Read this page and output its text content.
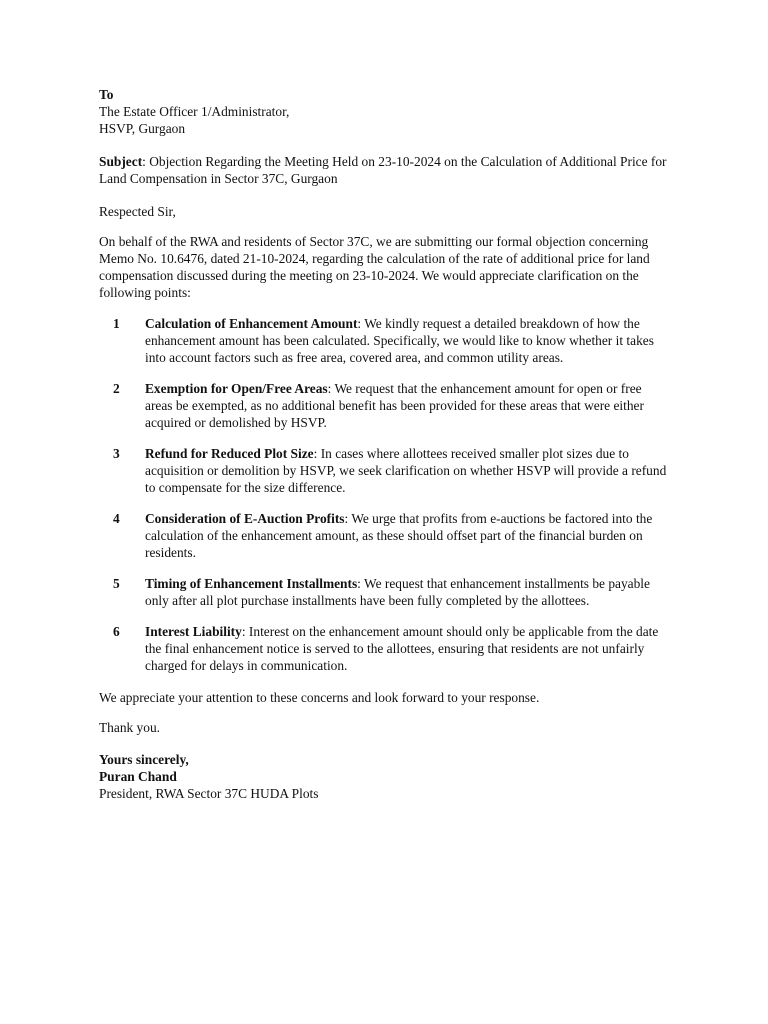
To
The Estate Officer 1/Administrator,
HSVP, Gurgaon

Subject: Objection Regarding the Meeting Held on 23-10-2024 on the Calculation of Additional Price for Land Compensation in Sector 37C, Gurgaon

Respected Sir,

On behalf of the RWA and residents of Sector 37C, we are submitting our formal objection concerning Memo No. 10.6476, dated 21-10-2024, regarding the calculation of the rate of additional price for land compensation discussed during the meeting on 23-10-2024. We would appreciate clarification on the following points:

1 Calculation of Enhancement Amount: We kindly request a detailed breakdown of how the enhancement amount has been calculated. Specifically, we would like to know whether it takes into account factors such as free area, covered area, and common utility areas.
2 Exemption for Open/Free Areas: We request that the enhancement amount for open or free areas be exempted, as no additional benefit has been provided for these areas that were either acquired or demolished by HSVP.
3 Refund for Reduced Plot Size: In cases where allottees received smaller plot sizes due to acquisition or demolition by HSVP, we seek clarification on whether HSVP will provide a refund to compensate for the size difference.
4 Consideration of E-Auction Profits: We urge that profits from e-auctions be factored into the calculation of the enhancement amount, as these should offset part of the financial burden on residents.
5 Timing of Enhancement Installments: We request that enhancement installments be payable only after all plot purchase installments have been fully completed by the allottees.
6 Interest Liability: Interest on the enhancement amount should only be applicable from the date the final enhancement notice is served to the allottees, ensuring that residents are not unfairly charged for delays in communication.

We appreciate your attention to these concerns and look forward to your response.

Thank you.

Yours sincerely,
Puran Chand
President, RWA Sector 37C HUDA Plots
